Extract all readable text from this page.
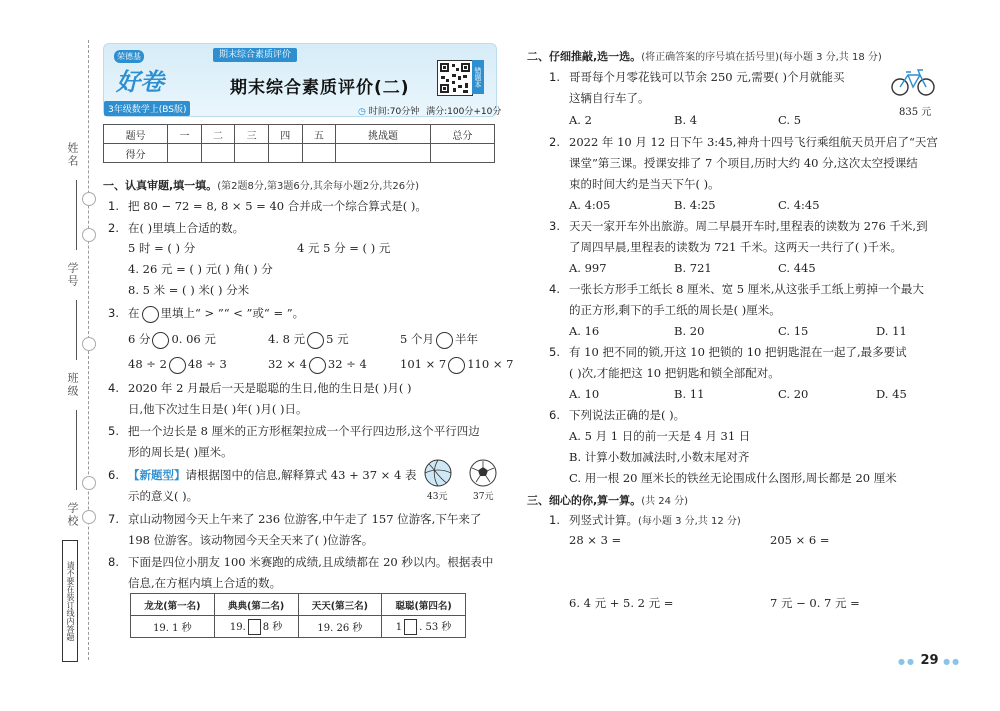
姓名
学号
班级
学校
请不要在装订线内答题
荣德基
好卷
期末综合素质评价
3年级数学上(BS版)
期末综合素质评价(二)
错题本
◷ 时间:70分钟 满分:100分+10分
题号	一	二	三	四	五	挑战题	总分
得分							
一、认真审题,填一填。(第2题8分,第3题6分,其余每小题2分,共26分)
1. 把 80 − 72 = 8, 8 × 5 = 40 合并成一个综合算式是( )。
2. 在( )里填上合适的数。
5 时 = ( ) 分	4 元 5 分 = ( ) 元
4. 26 元 = ( ) 元( ) 角( ) 分
8. 5 米 = ( ) 米( ) 分米
3. 在 里填上“ > ”“ < ”或“ = ”。
6 分 0. 06 元	4. 8 元 5 元	5 个月 半年
48 ÷ 2 48 ÷ 3	32 × 4 32 ÷ 4	101 × 7 110 × 7
4. 2020 年 2 月最后一天是聪聪的生日,他的生日是( )月( )
日,他下次过生日是( )年( )月( )日。
5. 把一个边长是 8 厘米的正方形框架拉成一个平行四边形,这个平行四边
形的周长是( )厘米。
6. 【新题型】请根据图中的信息,解释算式 43 + 37 × 4 表
示的意义( )。	43元	37元
7. 京山动物园今天上午来了 236 位游客,中午走了 157 位游客,下午来了
198 位游客。该动物园今天全天来了( )位游客。
8. 下面是四位小朋友 100 米赛跑的成绩,且成绩都在 20 秒以内。根据表中
信息,在方框内填上合适的数。
龙龙(第一名)	典典(第二名)	天天(第三名)	聪聪(第四名)
19. 1 秒	19. 8 秒	19. 26 秒	1 . 53 秒
二、仔细推敲,选一选。(将正确答案的序号填在括号里)(每小题 3 分,共 18 分)
1. 哥哥每个月零花钱可以节余 250 元,需要( )个月就能买
这辆自行车了。
835 元
A. 2	B. 4	C. 5
2. 2022 年 10 月 12 日下午 3:45,神舟十四号飞行乘组航天员开启了“天宫
课堂”第三课。授课安排了 7 个项目,历时大约 40 分,这次太空授课结
束的时间大约是当天下午( )。
A. 4:05	B. 4:25	C. 4:45
3. 天天一家开车外出旅游。周二早晨开车时,里程表的读数为 276 千米,到
了周四早晨,里程表的读数为 721 千米。这两天一共行了( )千米。
A. 997	B. 721	C. 445
4. 一张长方形手工纸长 8 厘米、宽 5 厘米,从这张手工纸上剪掉一个最大
的正方形,剩下的手工纸的周长是( )厘米。
A. 16	B. 20	C. 15	D. 11
5. 有 10 把不同的锁,开这 10 把锁的 10 把钥匙混在一起了,最多要试
( )次,才能把这 10 把钥匙和锁全部配对。
A. 10	B. 11	C. 20	D. 45
6. 下列说法正确的是( )。
A. 5 月 1 日的前一天是 4 月 31 日
B. 计算小数加减法时,小数末尾对齐
C. 用一根 20 厘米长的铁丝无论围成什么图形,周长都是 20 厘米
三、细心的你,算一算。(共 24 分)
1. 列竖式计算。(每小题 3 分,共 12 分)
28 × 3 =	205 × 6 =
6. 4 元 + 5. 2 元 =	7 元 − 0. 7 元 =
●● 29 ●●
